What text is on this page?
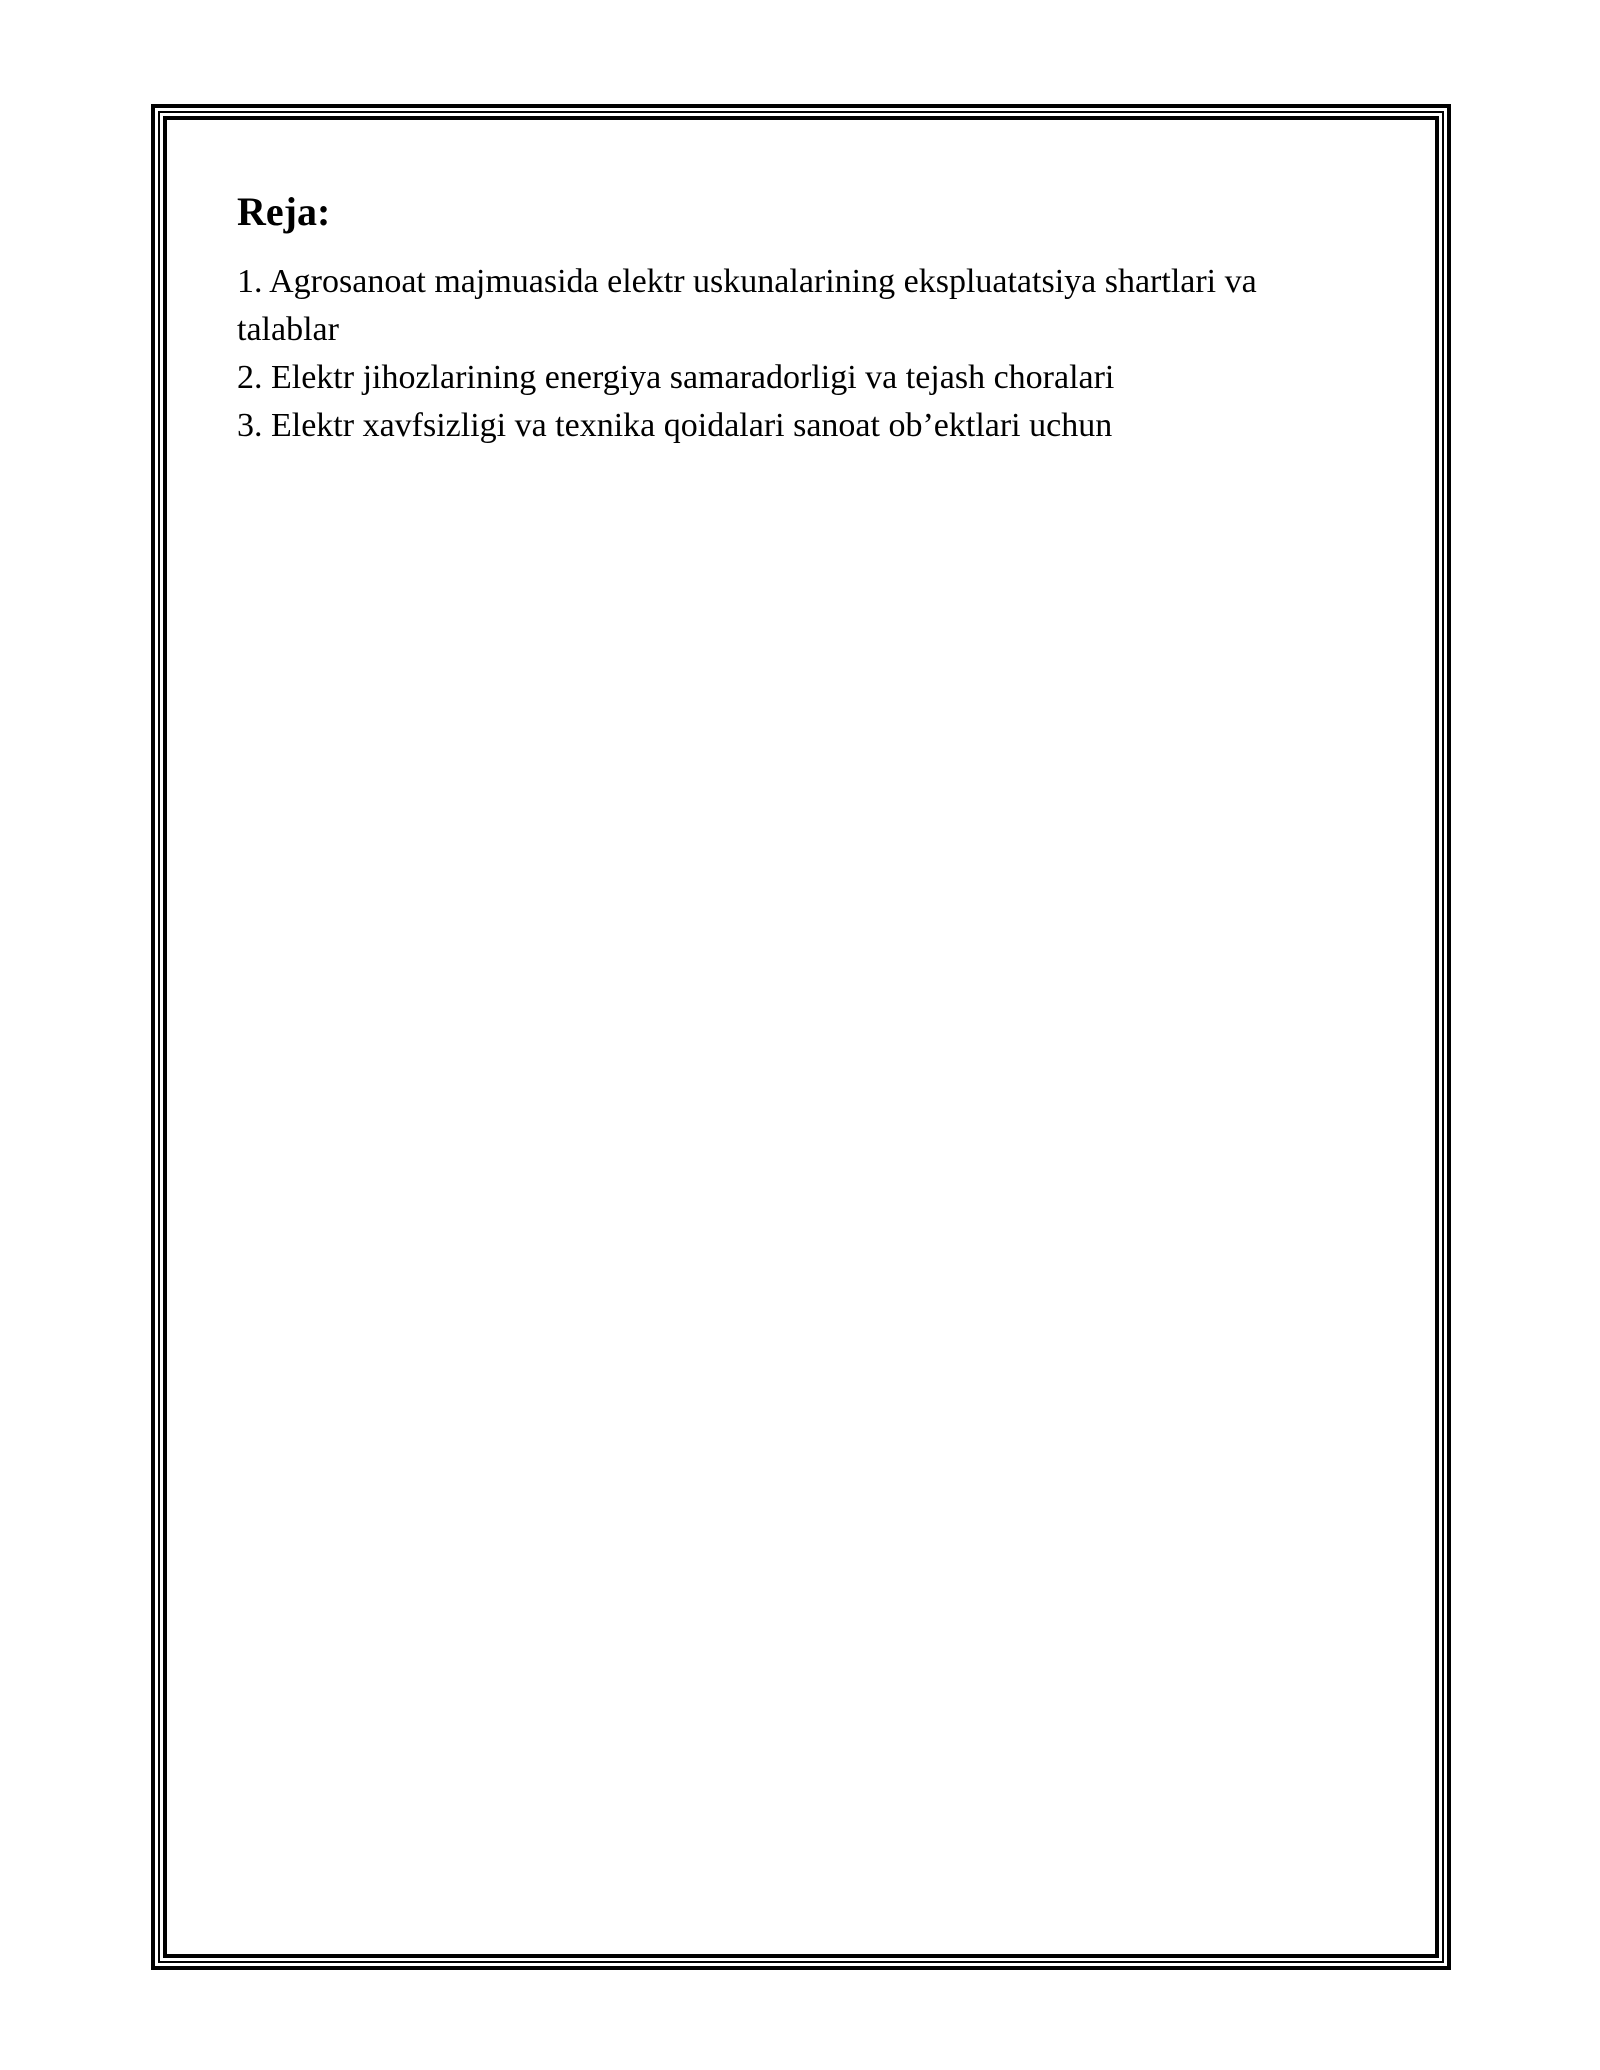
Reja:
1. Agrosanoat majmuasida elektr uskunalarining ekspluatatsiya shartlari va talablar
2. Elektr jihozlarining energiya samaradorligi va tejash choralari
3. Elektr xavfsizligi va texnika qoidalari sanoat ob’ektlari uchun
